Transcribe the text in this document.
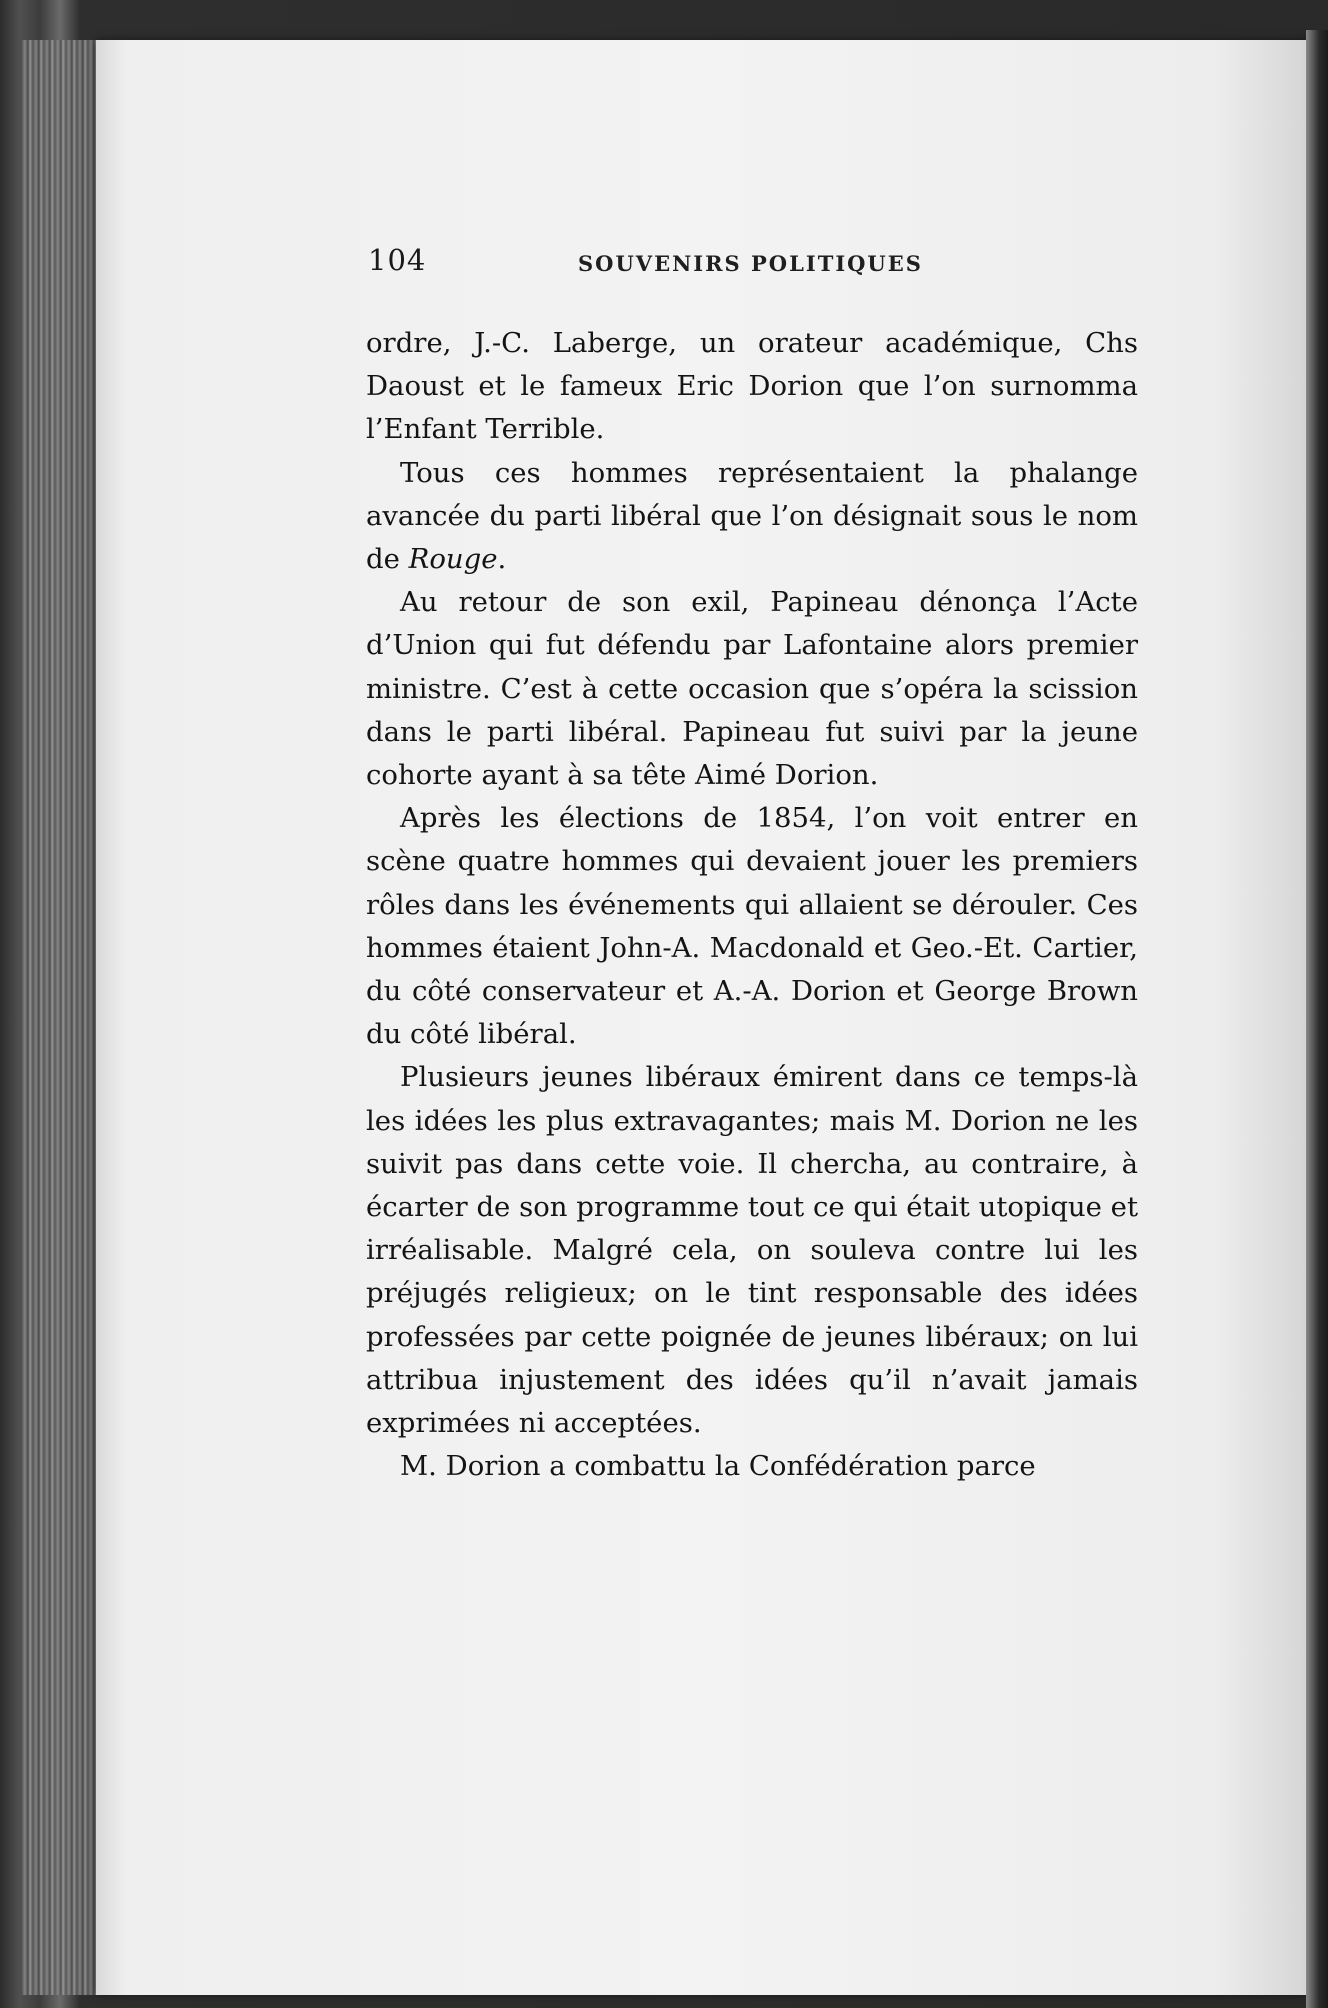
104	SOUVENIRS POLITIQUES

ordre, J.-C. Laberge, un orateur académique, Chs Daoust et le fameux Eric Dorion que l’on surnomma l’Enfant Terrible.

Tous ces hommes représentaient la phalange avancée du parti libéral que l’on désignait sous le nom de Rouge.

Au retour de son exil, Papineau dénonça l’Acte d’Union qui fut défendu par Lafontaine alors premier ministre. C’est à cette occasion que s’opéra la scission dans le parti libéral. Papineau fut suivi par la jeune cohorte ayant à sa tête Aimé Dorion.

Après les élections de 1854, l’on voit entrer en scène quatre hommes qui devaient jouer les premiers rôles dans les événements qui allaient se dérouler. Ces hommes étaient John-A. Macdonald et Geo.-Et. Cartier, du côté conservateur et A.-A. Dorion et George Brown du côté libéral.

Plusieurs jeunes libéraux émirent dans ce temps-là les idées les plus extravagantes; mais M. Dorion ne les suivit pas dans cette voie. Il chercha, au contraire, à écarter de son programme tout ce qui était utopique et irréalisable. Malgré cela, on souleva contre lui les préjugés religieux; on le tint responsable des idées professées par cette poignée de jeunes libéraux; on lui attribua injustement des idées qu’il n’avait jamais exprimées ni acceptées.

M. Dorion a combattu la Confédération parce
